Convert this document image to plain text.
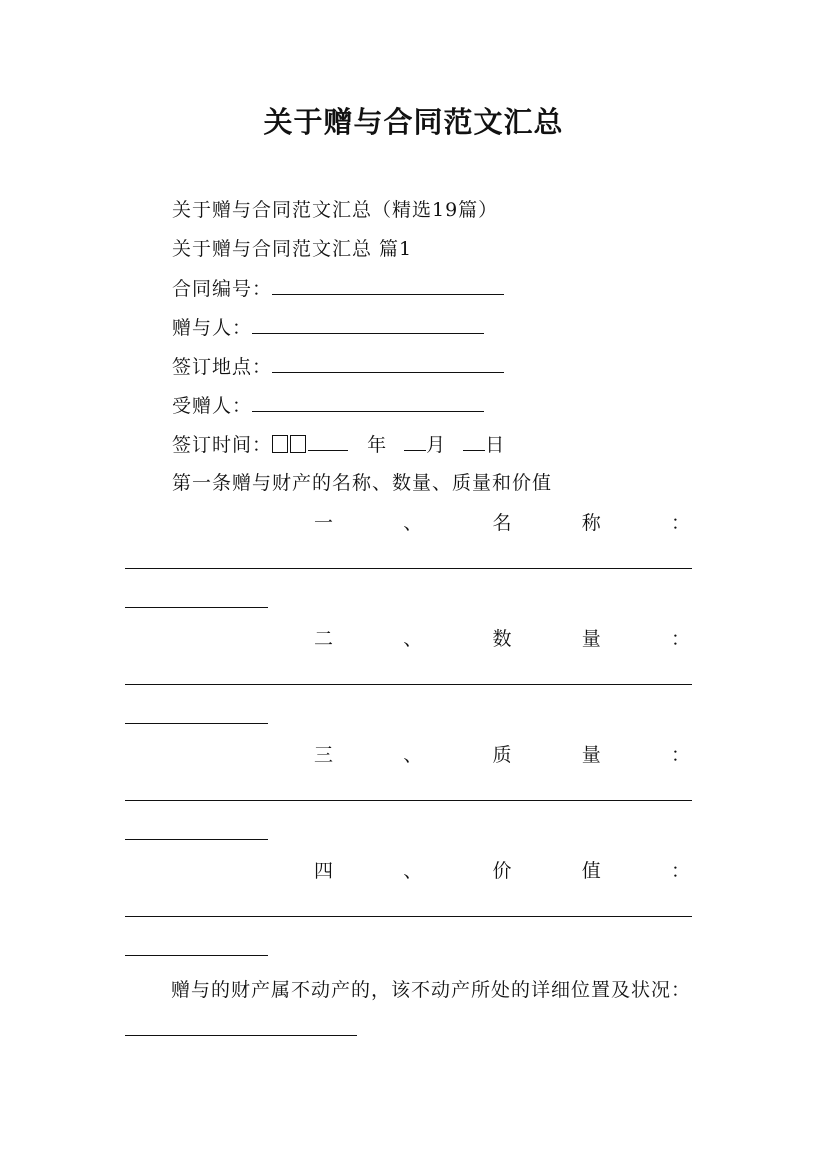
关于赠与合同范文汇总
关于赠与合同范文汇总（精选19篇）
关于赠与合同范文汇总 篇1
合同编号：
赠与人：
签订地点：
受赠人：
签订时间：	年 月 日
第一条赠与财产的名称、数量、质量和价值
一	、	名	称	：
二	、	数	量	：
三	、	质	量	：
四	、	价	值	：
赠与的财产属不动产的，该不动产所处的详细位置及状况：
